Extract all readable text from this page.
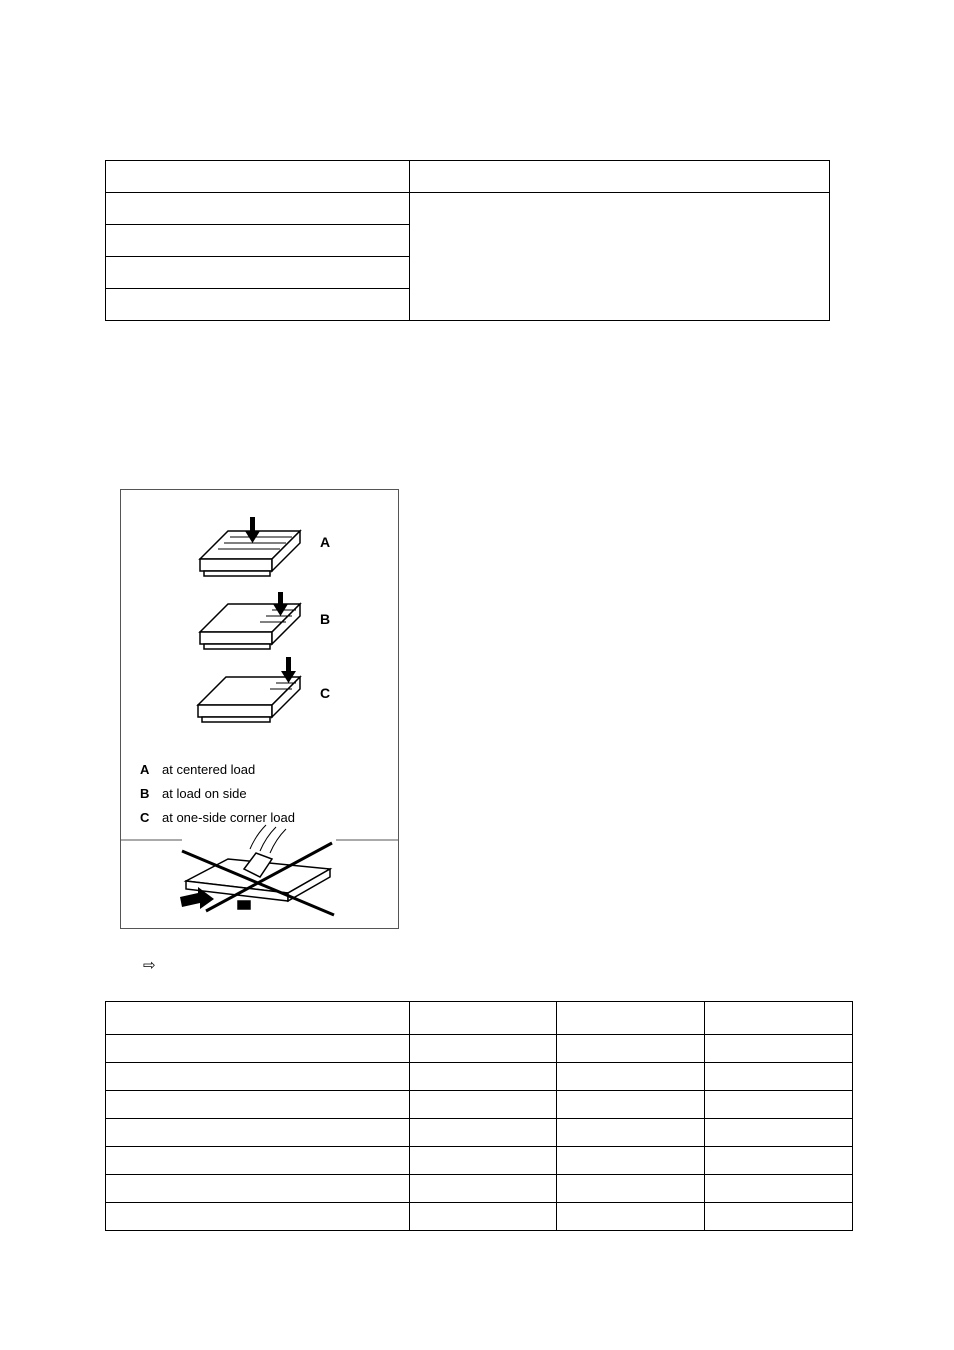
A
B
C
A at centered load
B at load on side
C at one-side corner load
⇨
